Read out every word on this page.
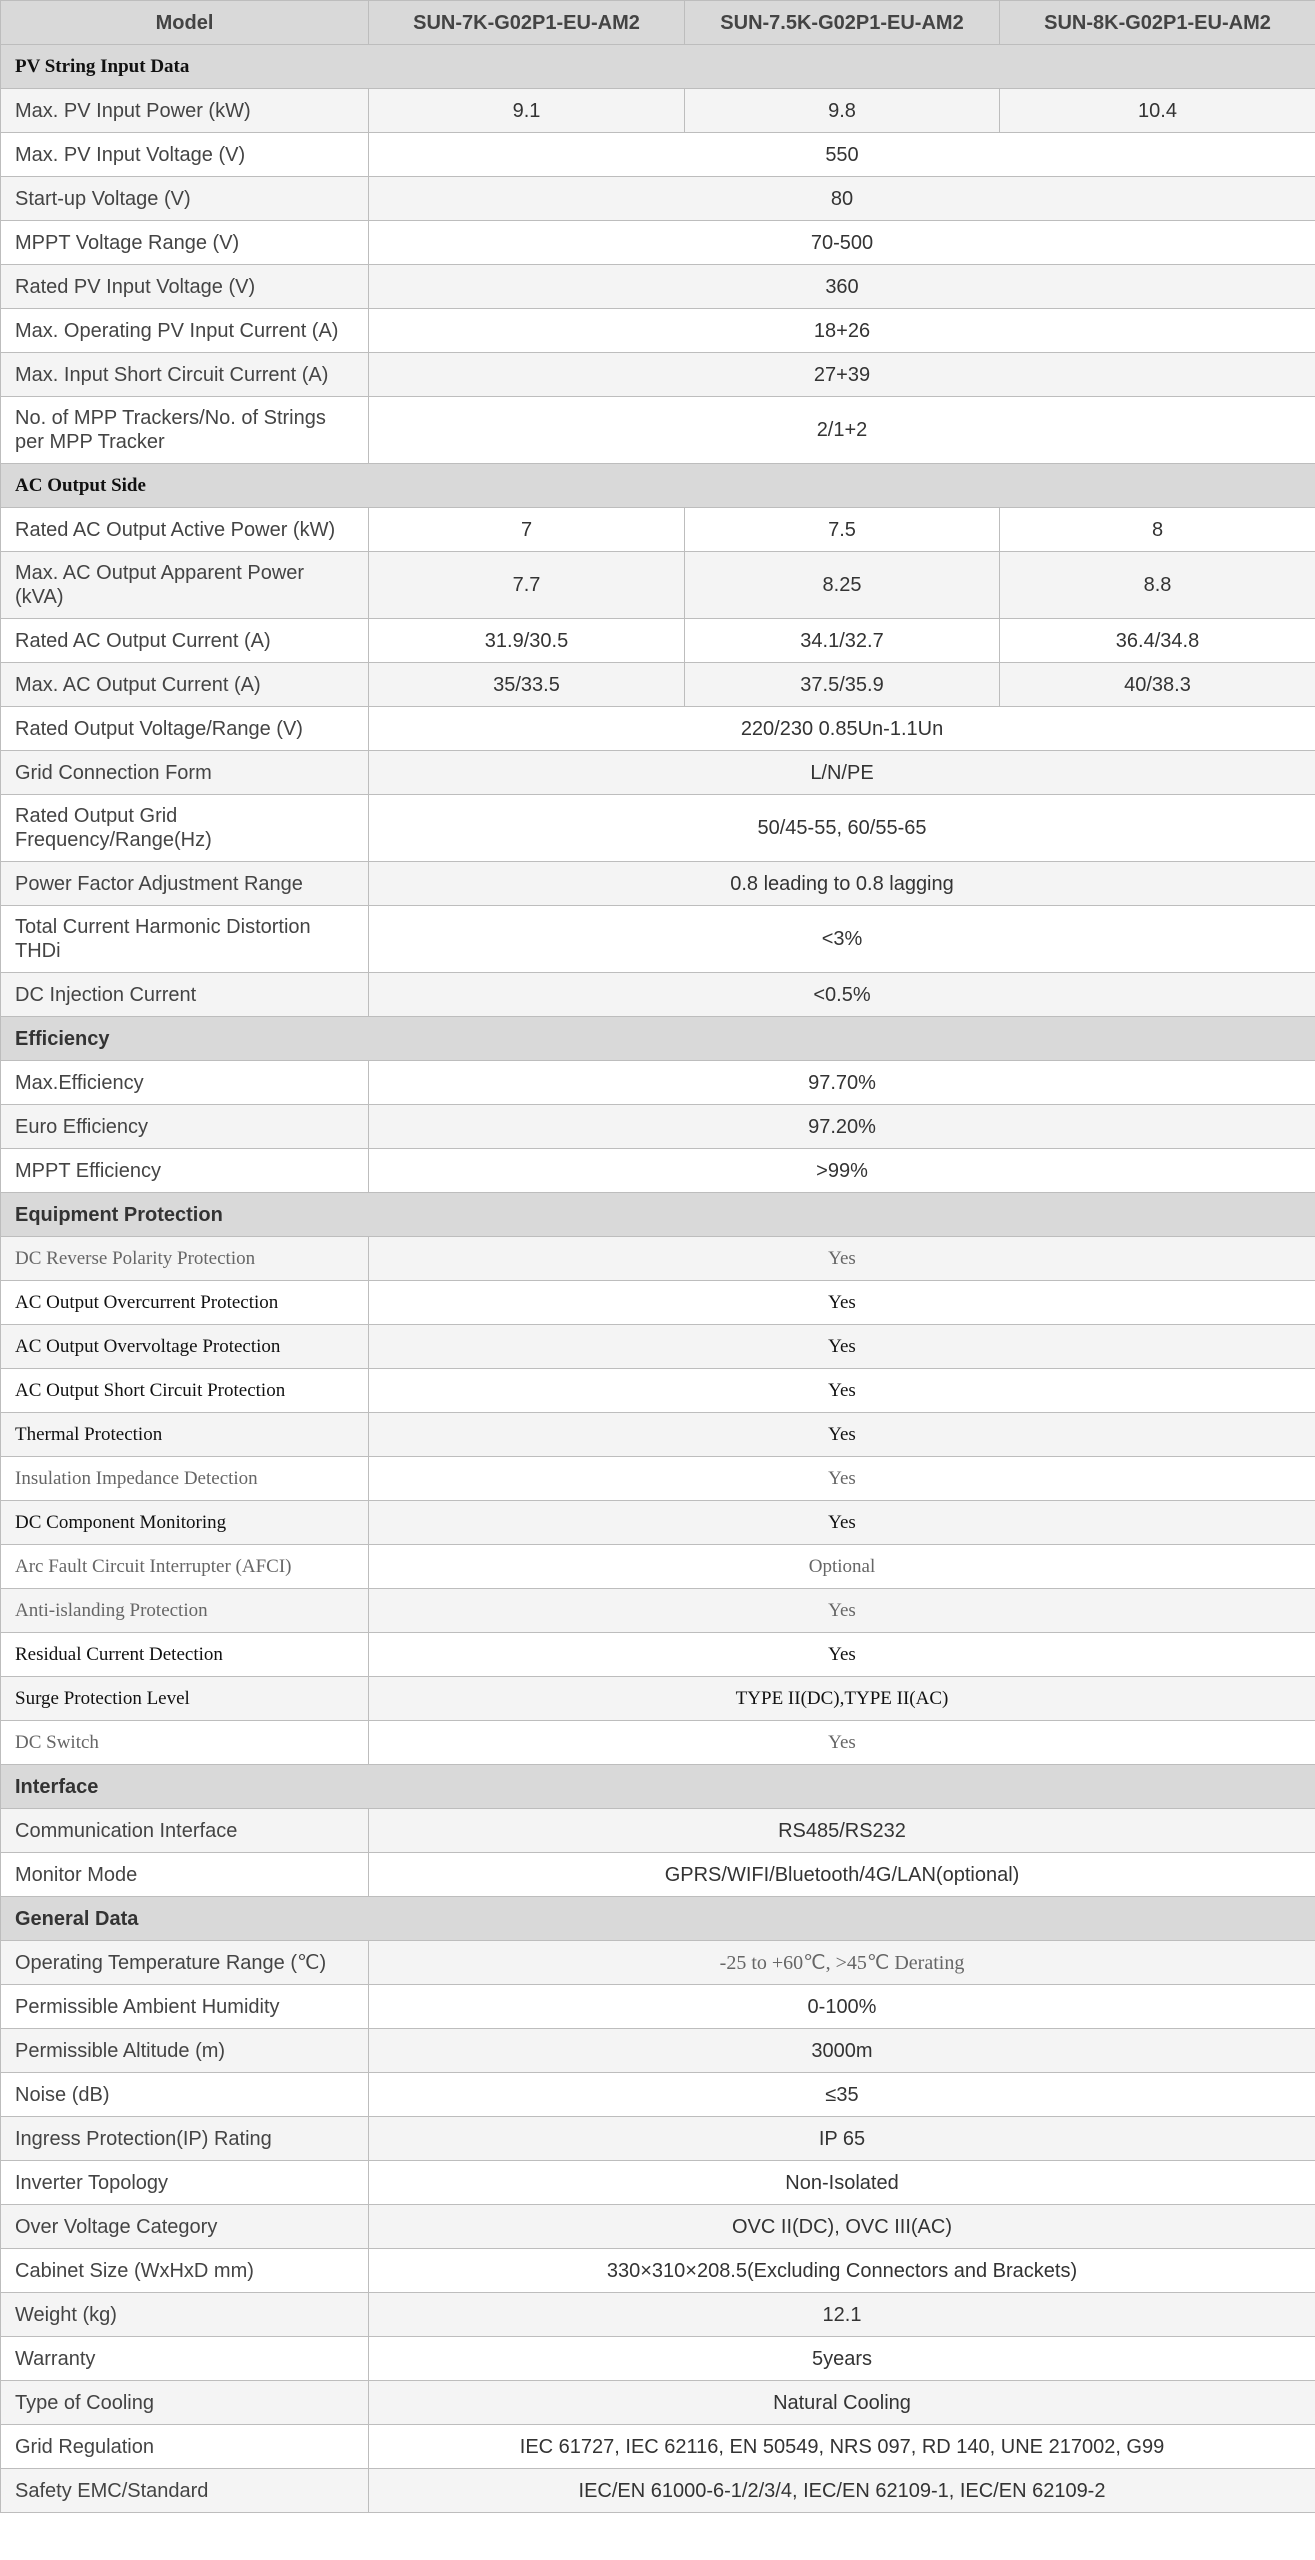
Model	SUN-7K-G02P1-EU-AM2	SUN-7.5K-G02P1-EU-AM2	SUN-8K-G02P1-EU-AM2
PV String Input Data			
Max. PV Input Power (kW)	9.1	9.8	10.4
Max. PV Input Voltage (V)	550		
Start-up Voltage (V)	80		
MPPT Voltage Range (V)	70-500		
Rated PV Input Voltage (V)	360		
Max. Operating PV Input Current (A)	18+26		
Max. Input Short Circuit Current (A)	27+39		
No. of MPP Trackers/No. of Strings per MPP Tracker	2/1+2		
AC Output Side			
Rated AC Output Active Power (kW)	7	7.5	8
Max. AC Output Apparent Power (kVA)	7.7	8.25	8.8
Rated AC Output Current (A)	31.9/30.5	34.1/32.7	36.4/34.8
Max. AC Output Current (A)	35/33.5	37.5/35.9	40/38.3
Rated Output Voltage/Range (V)	220/230 0.85Un-1.1Un		
Grid Connection Form	L/N/PE		
Rated Output Grid Frequency/Range(Hz)	50/45-55, 60/55-65		
Power Factor Adjustment Range	0.8 leading to 0.8 lagging		
Total Current Harmonic Distortion THDi	<3%		
DC Injection Current	<0.5%		
Efficiency			
Max.Efficiency	97.70%		
Euro Efficiency	97.20%		
MPPT Efficiency	>99%		
Equipment Protection			
DC Reverse Polarity Protection	Yes		
AC Output Overcurrent Protection	Yes		
AC Output Overvoltage Protection	Yes		
AC Output Short Circuit Protection	Yes		
Thermal Protection	Yes		
Insulation Impedance Detection	Yes		
DC Component Monitoring	Yes		
Arc Fault Circuit Interrupter (AFCI)	Optional		
Anti-islanding Protection	Yes		
Residual Current Detection	Yes		
Surge Protection Level	TYPE II(DC),TYPE II(AC)		
DC Switch	Yes		
Interface			
Communication Interface	RS485/RS232		
Monitor Mode	GPRS/WIFI/Bluetooth/4G/LAN(optional)		
General Data			
Operating Temperature Range (℃)	-25 to +60℃, >45℃ Derating		
Permissible Ambient Humidity	0-100%		
Permissible Altitude (m)	3000m		
Noise (dB)	≤35		
Ingress Protection(IP) Rating	IP 65		
Inverter Topology	Non-Isolated		
Over Voltage Category	OVC II(DC), OVC III(AC)		
Cabinet Size (WxHxD mm)	330×310×208.5(Excluding Connectors and Brackets)		
Weight (kg)	12.1		
Warranty	5years		
Type of Cooling	Natural Cooling		
Grid Regulation	IEC 61727, IEC 62116, EN 50549, NRS 097, RD 140, UNE 217002, G99		
Safety EMC/Standard	IEC/EN 61000-6-1/2/3/4, IEC/EN 62109-1, IEC/EN 62109-2		
